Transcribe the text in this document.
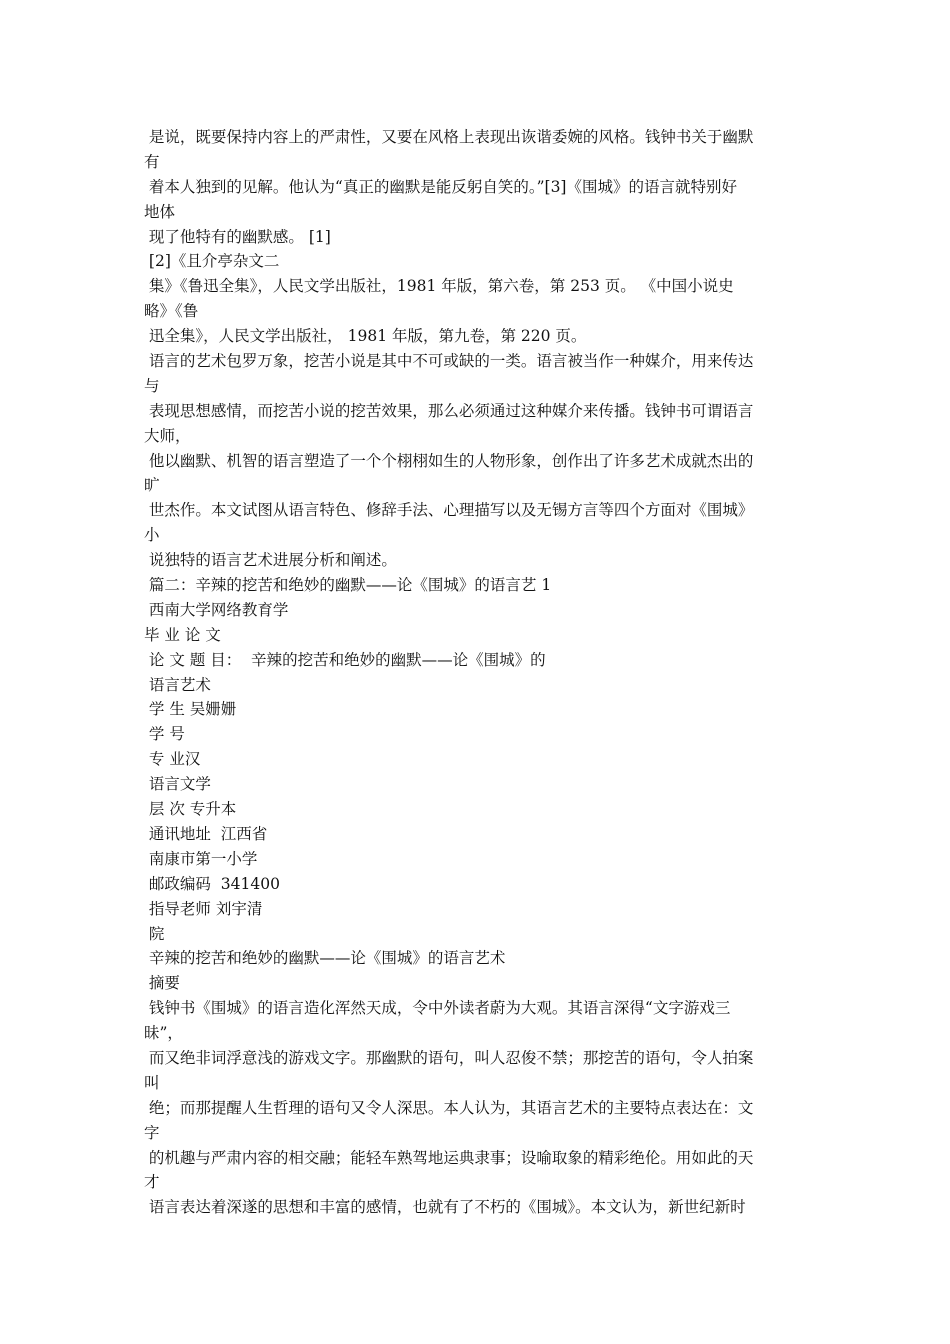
是说，既要保持内容上的严肃性，又要在风格上表现出诙谐委婉的风格。钱钟书关于幽默
有
着本人独到的见解。他认为“真正的幽默是能反躬自笑的。”[3]《围城》的语言就特别好
地体
现了他特有的幽默感。 [1]
[2]《且介亭杂文二
集》《鲁迅全集》，人民文学出版社，1981 年版，第六卷，第 253 页。 《中国小说史
略》《鲁
迅全集》，人民文学出版社， 1981 年版，第九卷，第 220 页。
语言的艺术包罗万象，挖苦小说是其中不可或缺的一类。语言被当作一种媒介，用来传达
与
表现思想感情，而挖苦小说的挖苦效果，那么必须通过这种媒介来传播。钱钟书可谓语言
大师，
他以幽默、机智的语言塑造了一个个栩栩如生的人物形象，创作出了许多艺术成就杰出的
旷
世杰作。本文试图从语言特色、修辞手法、心理描写以及无锡方言等四个方面对《围城》
小
说独特的语言艺术进展分析和阐述。
篇二：辛辣的挖苦和绝妙的幽默——论《围城》的语言艺 1
西南大学网络教育学
毕 业 论 文
论 文 题 目：  辛辣的挖苦和绝妙的幽默——论《围城》的
语言艺术
学 生 吴姗姗
学 号
专 业汉
语言文学
层 次 专升本
通讯地址  江西省
南康市第一小学
邮政编码  341400
指导老师 刘宇清
院
辛辣的挖苦和绝妙的幽默——论《围城》的语言艺术
摘要
钱钟书《围城》的语言造化浑然天成，令中外读者蔚为大观。其语言深得“文字游戏三
昧”，
而又绝非词浮意浅的游戏文字。那幽默的语句，叫人忍俊不禁；那挖苦的语句，令人拍案
叫
绝；而那提醒人生哲理的语句又令人深思。本人认为，其语言艺术的主要特点表达在：文
字
的机趣与严肃内容的相交融；能轻车熟驾地运典隶事；设喻取象的精彩绝伦。用如此的天
才
语言表达着深遂的思想和丰富的感情，也就有了不朽的《围城》。本文认为，新世纪新时
